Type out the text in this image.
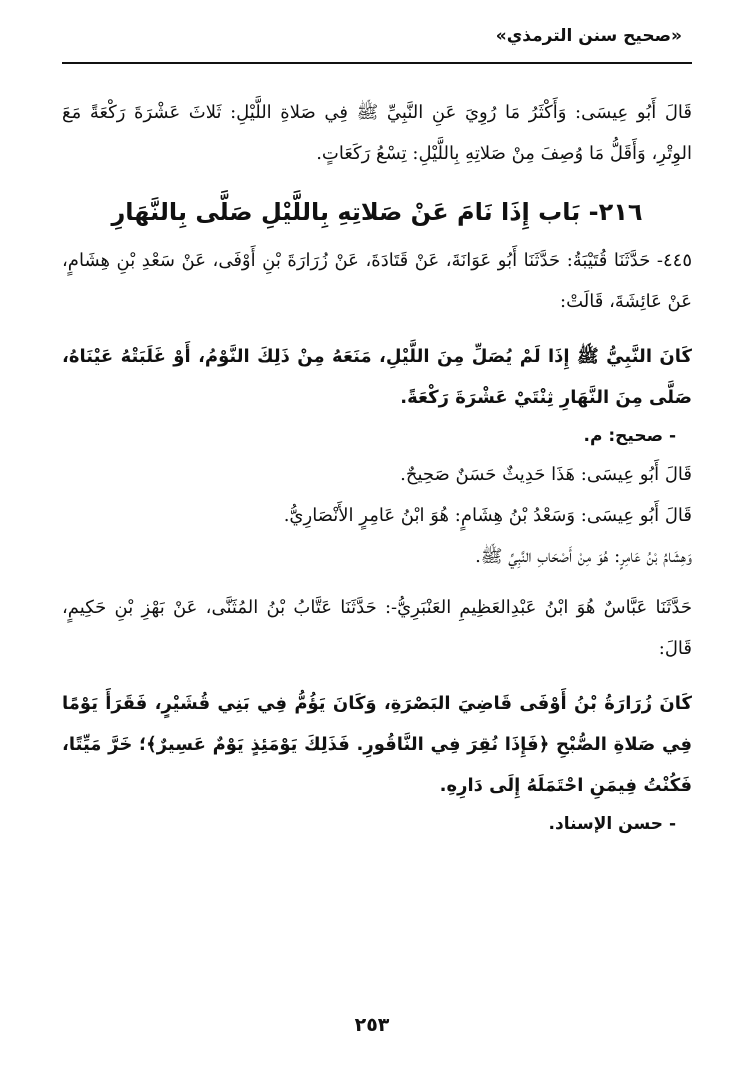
«صحيح سنن الترمذي»

قَالَ أَبُو عِيسَى: وَأَكْثَرُ مَا رُوِيَ عَنِ النَّبِيِّ ﷺ فِي صَلاةِ اللَّيْلِ: ثَلاثَ عَشْرَةَ رَكْعَةً مَعَ الوِتْرِ، وَأَقَلُّ مَا وُصِفَ مِنْ صَلاتِهِ بِاللَّيْلِ: تِسْعُ رَكَعَاتٍ.

٢١٦- بَاب إِذَا نَامَ عَنْ صَلاتِهِ بِاللَّيْلِ صَلَّى بِالنَّهَارِ

٤٤٥- حَدَّثَنَا قُتَيْبَةُ: حَدَّثَنَا أَبُو عَوَانَةَ، عَنْ قَتَادَةَ، عَنْ زُرَارَةَ بْنِ أَوْفَى، عَنْ سَعْدِ بْنِ هِشَامٍ، عَنْ عَائِشَةَ، قَالَتْ:

كَانَ النَّبِيُّ ﷺ إِذَا لَمْ يُصَلِّ مِنَ اللَّيْلِ، مَنَعَهُ مِنْ ذَلِكَ النَّوْمُ، أَوْ غَلَبَتْهُ عَيْنَاهُ، صَلَّى مِنَ النَّهَارِ ثِنْتَيْ عَشْرَةَ رَكْعَةً.

- صحيح: م.

قَالَ أَبُو عِيسَى: هَذَا حَدِيثٌ حَسَنٌ صَحِيحٌ.

قَالَ أَبُو عِيسَى: وَسَعْدُ بْنُ هِشَامٍ: هُوَ ابْنُ عَامِرٍ الأَنْصَارِيُّ.

وَهِشَامُ بْنُ عَامِرٍ: هُوَ مِنْ أَصْحَابِ النَّبِيِّ ﷺ.

حَدَّثَنَا عَبَّاسٌ هُوَ ابْنُ عَبْدِالعَظِيمِ العَنْبَرِيُّ-: حَدَّثَنَا عَتَّابُ بْنُ المُثَنَّى، عَنْ بَهْزِ بْنِ حَكِيمٍ، قَالَ:

كَانَ زُرَارَةُ بْنُ أَوْفَى قَاضِيَ البَصْرَةِ، وَكَانَ يَؤُمُّ فِي بَنِي قُشَيْرٍ، فَقَرَأَ يَوْمًا فِي صَلاةِ الصُّبْحِ ﴿فَإِذَا نُقِرَ فِي النَّاقُورِ. فَذَلِكَ يَوْمَئِذٍ يَوْمٌ عَسِيرٌ﴾؛ خَرَّ مَيِّتًا، فَكُنْتُ فِيمَنِ احْتَمَلَهُ إِلَى دَارِهِ.

- حسن الإسناد.

٢٥٣
